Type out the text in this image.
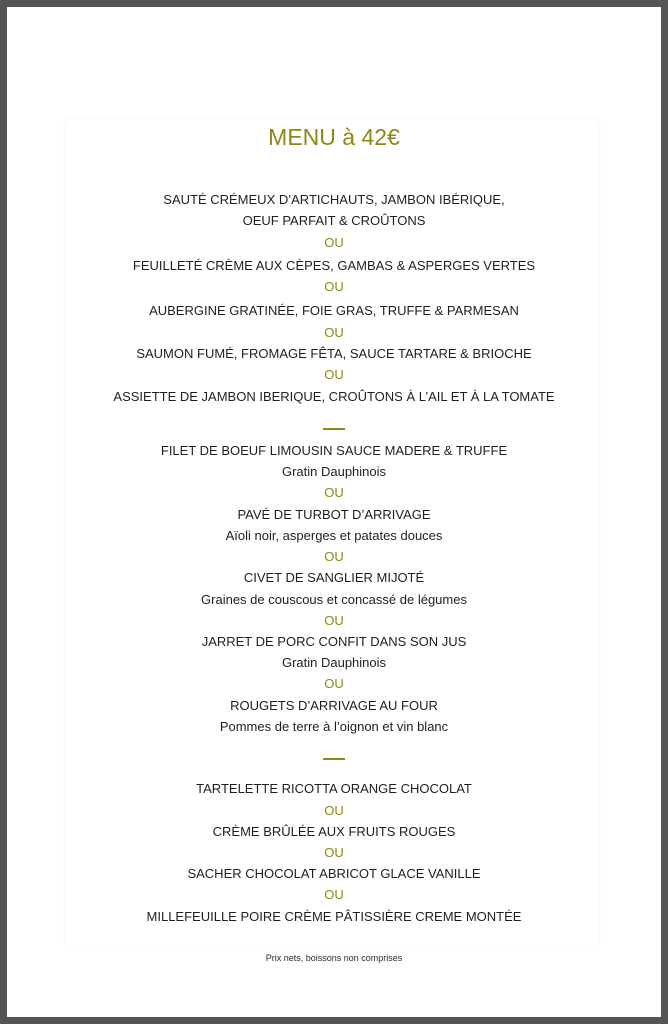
MENU à 42€
SAUTÉ CRÉMEUX D’ARTICHAUTS, JAMBON IBÉRIQUE,
OEUF PARFAIT & CROÛTONS
OU
FEUILLETÉ CRÈME AUX CÈPES, GAMBAS & ASPERGES VERTES
OU
AUBERGINE GRATINÉE, FOIE GRAS, TRUFFE & PARMESAN
OU
SAUMON FUMÉ, FROMAGE FÊTA, SAUCE TARTARE & BRIOCHE
OU
ASSIETTE DE JAMBON IBERIQUE, CROÛTONS À L’AIL ET À LA TOMATE
FILET DE BOEUF LIMOUSIN SAUCE MADERE & TRUFFE
Gratin Dauphinois
OU
PAVÉ DE TURBOT D’ARRIVAGE
Aïoli noir, asperges et patates douces
OU
CIVET DE SANGLIER MIJOTÉ
Graines de couscous et concassé de légumes
OU
JARRET DE PORC CONFIT DANS SON JUS
Gratin Dauphinois
OU
ROUGETS D’ARRIVAGE AU FOUR
Pommes de terre à l’oignon et vin blanc
TARTELETTE RICOTTA ORANGE CHOCOLAT
OU
CRÈME BRÛLÉE AUX FRUITS ROUGES
OU
SACHER CHOCOLAT ABRICOT GLACE VANILLE
OU
MILLEFEUILLE POIRE CRÈME PÂTISSIÈRE CREME MONTÉE
Prix nets, boissons non comprises
